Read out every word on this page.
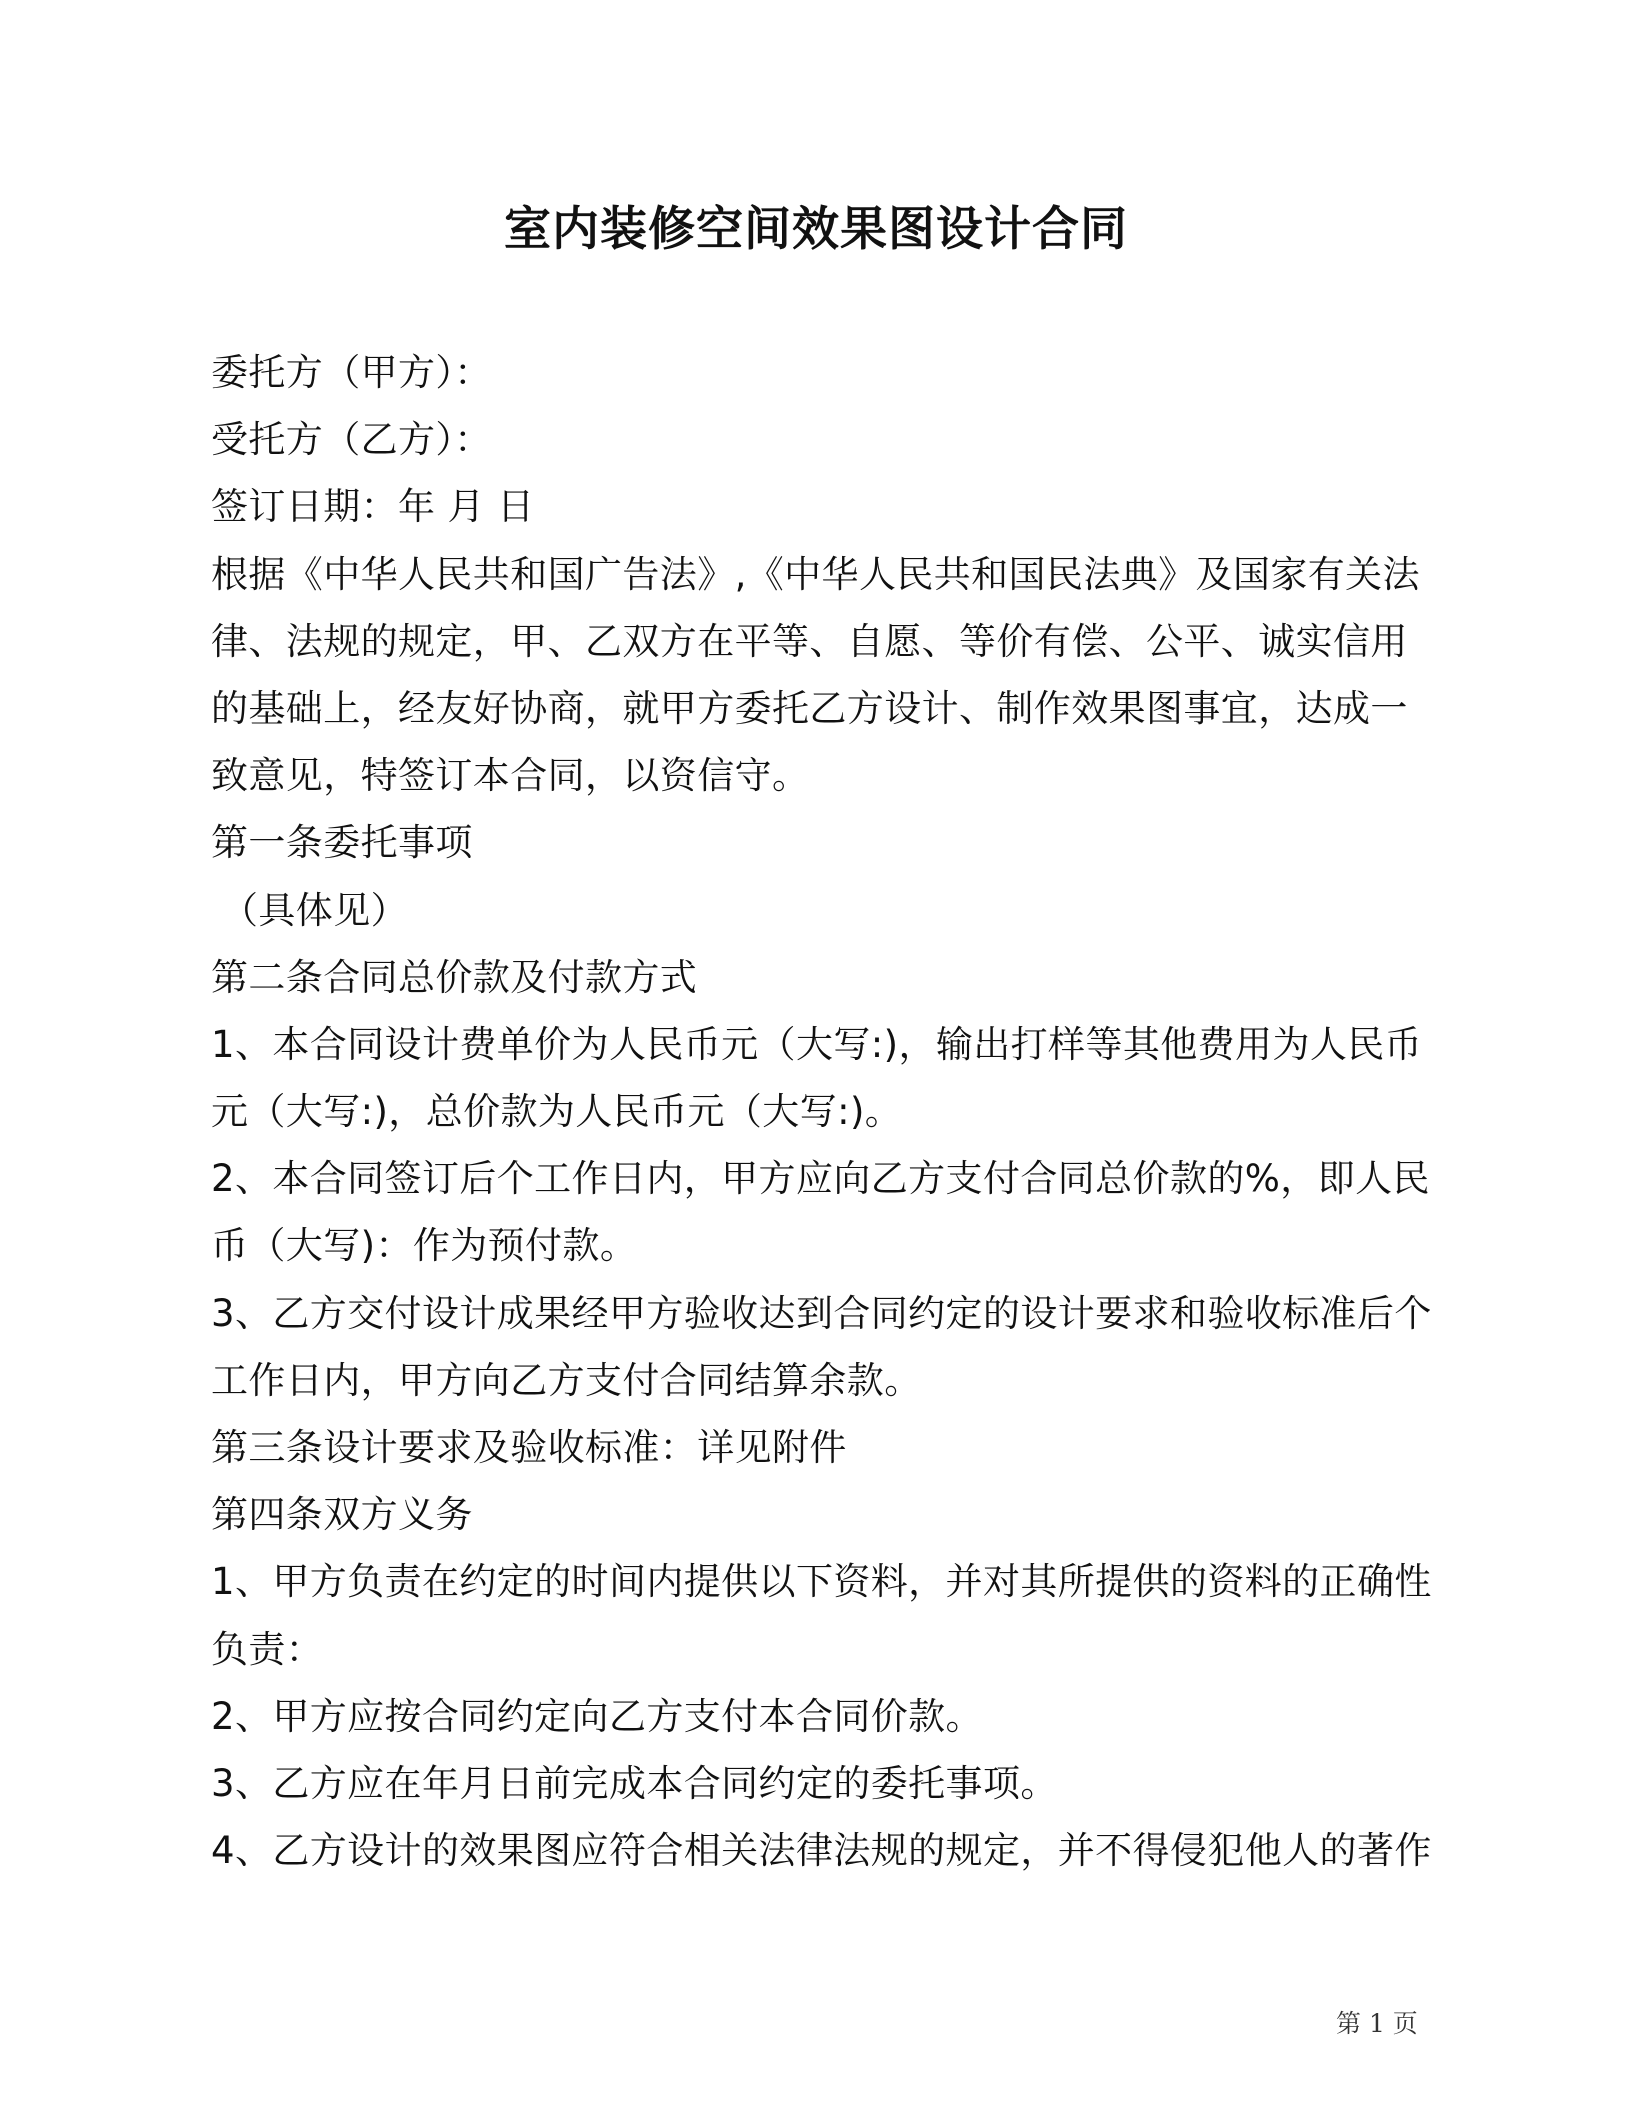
室内装修空间效果图设计合同

委托方（甲方）：

受托方（乙方）：

签订日期：年 月 日

根据《中华人民共和国广告法》,《中华人民共和国民法典》及国家有关法

律、法规的规定，甲、乙双方在平等、自愿、等价有偿、公平、诚实信用

的基础上，经友好协商，就甲方委托乙方设计、制作效果图事宜，达成一

致意见，特签订本合同，以资信守。

第一条委托事项

（具体见）

第二条合同总价款及付款方式

1、本合同设计费单价为人民币元（大写:)，输出打样等其他费用为人民币

元（大写:)，总价款为人民币元（大写:)。

2、本合同签订后个工作日内，甲方应向乙方支付合同总价款的%，即人民

币（大写)：作为预付款。

3、乙方交付设计成果经甲方验收达到合同约定的设计要求和验收标准后个

工作日内，甲方向乙方支付合同结算余款。

第三条设计要求及验收标准：详见附件

第四条双方义务

1、甲方负责在约定的时间内提供以下资料，并对其所提供的资料的正确性

负责：

2、甲方应按合同约定向乙方支付本合同价款。

3、乙方应在年月日前完成本合同约定的委托事项。

4、乙方设计的效果图应符合相关法律法规的规定，并不得侵犯他人的著作

第 1 页
